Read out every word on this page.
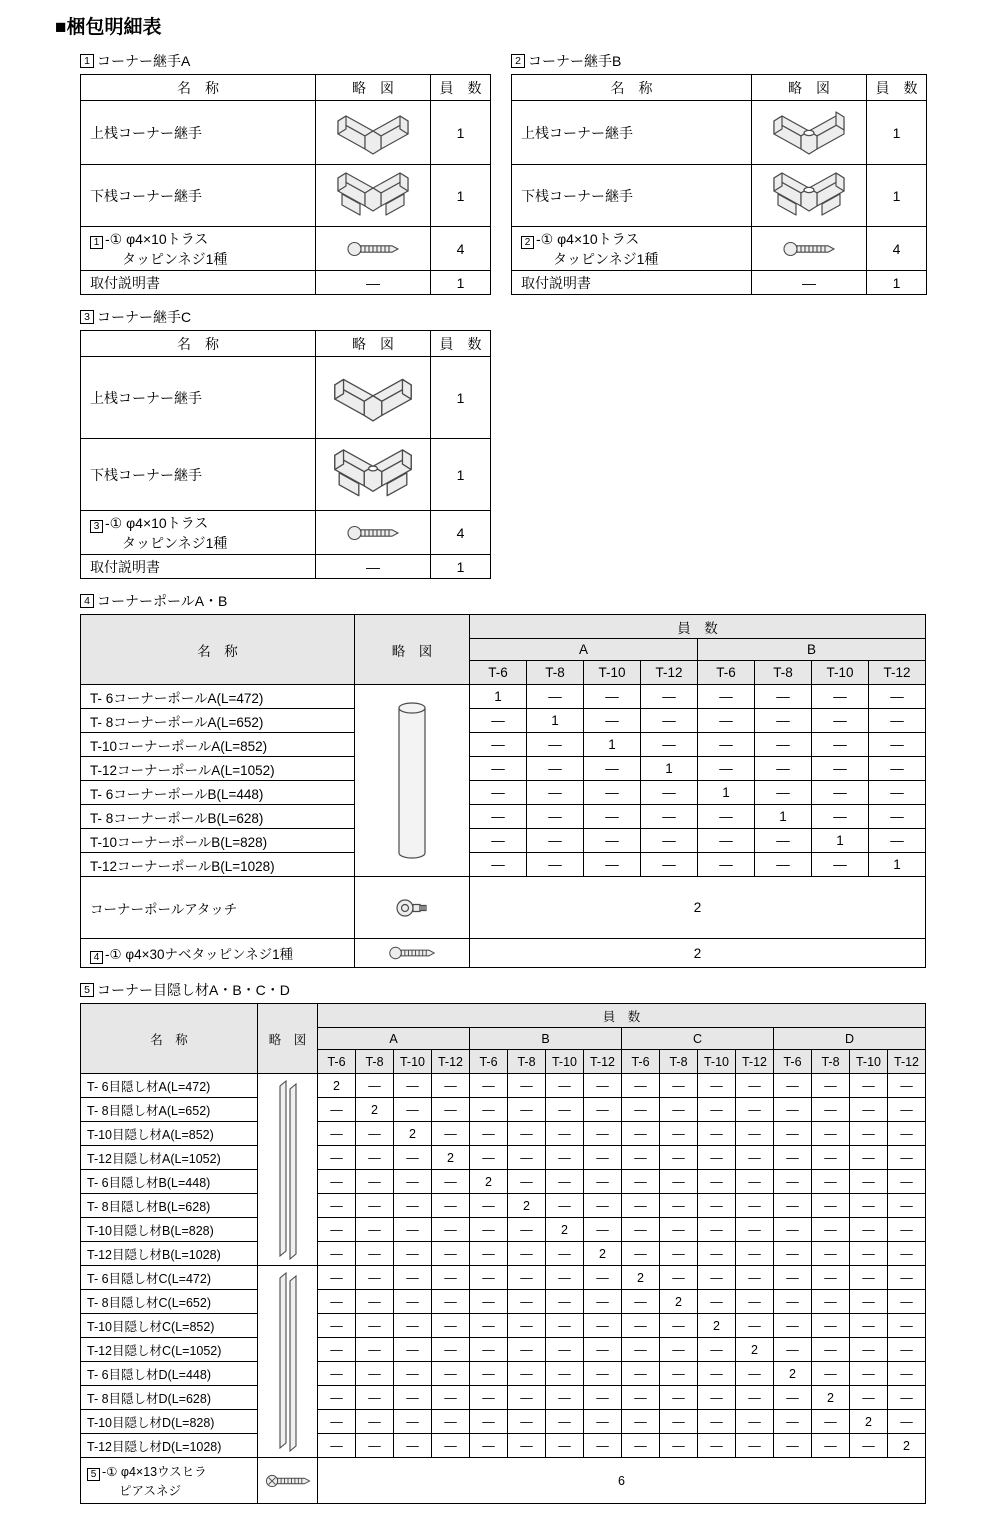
■梱包明細表
1 コーナー継手A
名　称	略　図	員　数
上桟コーナー継手		1
下桟コーナー継手		1

1 -① φ4×10トラス
タッピンネジ1種		4
取付説明書	—	1
2 コーナー継手B
名　称	略　図	員　数
上桟コーナー継手		1
下桟コーナー継手		1

2 -① φ4×10トラス
タッピンネジ1種		4
取付説明書	—	1
3 コーナー継手C
名　称	略　図	員　数
上桟コーナー継手		1
下桟コーナー継手		1

3 -① φ4×10トラス
タッピンネジ1種		4
取付説明書	—	1
4 コーナーポールA・B
名　称	略　図	員　数							
		A				B			
		T-6	T-8	T-10	T-12	T-6	T-8	T-10	T-12
T- 6コーナーポールA(L=472)		1	—	—	—	—	—	—	—
T- 8コーナーポールA(L=652)		—	1	—	—	—	—	—	—
T-10コーナーポールA(L=852)		—	—	1	—	—	—	—	—
T-12コーナーポールA(L=1052)		—	—	—	1	—	—	—	—
T- 6コーナーポールB(L=448)		—	—	—	—	1	—	—	—
T- 8コーナーポールB(L=628)		—	—	—	—	—	1	—	—
T-10コーナーポールB(L=828)		—	—	—	—	—	—	1	—
T-12コーナーポールB(L=1028)		—	—	—	—	—	—	—	1
コーナーポールアタッチ		2							
4 -① φ4×30ナベタッピンネジ1種		2							
5 コーナー目隠し材A・B・C・D
名　称	略　図	員　数															
		A				B				C				D			
		T-6	T-8	T-10	T-12	T-6	T-8	T-10	T-12	T-6	T-8	T-10	T-12	T-6	T-8	T-10	T-12
T- 6目隠し材A(L=472)		2	—	—	—	—	—	—	—	—	—	—	—	—	—	—	—
T- 8目隠し材A(L=652)		—	2	—	—	—	—	—	—	—	—	—	—	—	—	—	—
T-10目隠し材A(L=852)		—	—	2	—	—	—	—	—	—	—	—	—	—	—	—	—
T-12目隠し材A(L=1052)		—	—	—	2	—	—	—	—	—	—	—	—	—	—	—	—
T- 6目隠し材B(L=448)		—	—	—	—	2	—	—	—	—	—	—	—	—	—	—	—
T- 8目隠し材B(L=628)		—	—	—	—	—	2	—	—	—	—	—	—	—	—	—	—
T-10目隠し材B(L=828)		—	—	—	—	—	—	2	—	—	—	—	—	—	—	—	—
T-12目隠し材B(L=1028)		—	—	—	—	—	—	—	2	—	—	—	—	—	—	—	—
T- 6目隠し材C(L=472)		—	—	—	—	—	—	—	—	2	—	—	—	—	—	—	—
T- 8目隠し材C(L=652)		—	—	—	—	—	—	—	—	—	2	—	—	—	—	—	—
T-10目隠し材C(L=852)		—	—	—	—	—	—	—	—	—	—	2	—	—	—	—	—
T-12目隠し材C(L=1052)		—	—	—	—	—	—	—	—	—	—	—	2	—	—	—	—
T- 6目隠し材D(L=448)		—	—	—	—	—	—	—	—	—	—	—	—	2	—	—	—
T- 8目隠し材D(L=628)		—	—	—	—	—	—	—	—	—	—	—	—	—	2	—	—
T-10目隠し材D(L=828)		—	—	—	—	—	—	—	—	—	—	—	—	—	—	2	—
T-12目隠し材D(L=1028)		—	—	—	—	—	—	—	—	—	—	—	—	—	—	—	2

5 -① φ4×13ウスヒラ
ピアスネジ		6															
